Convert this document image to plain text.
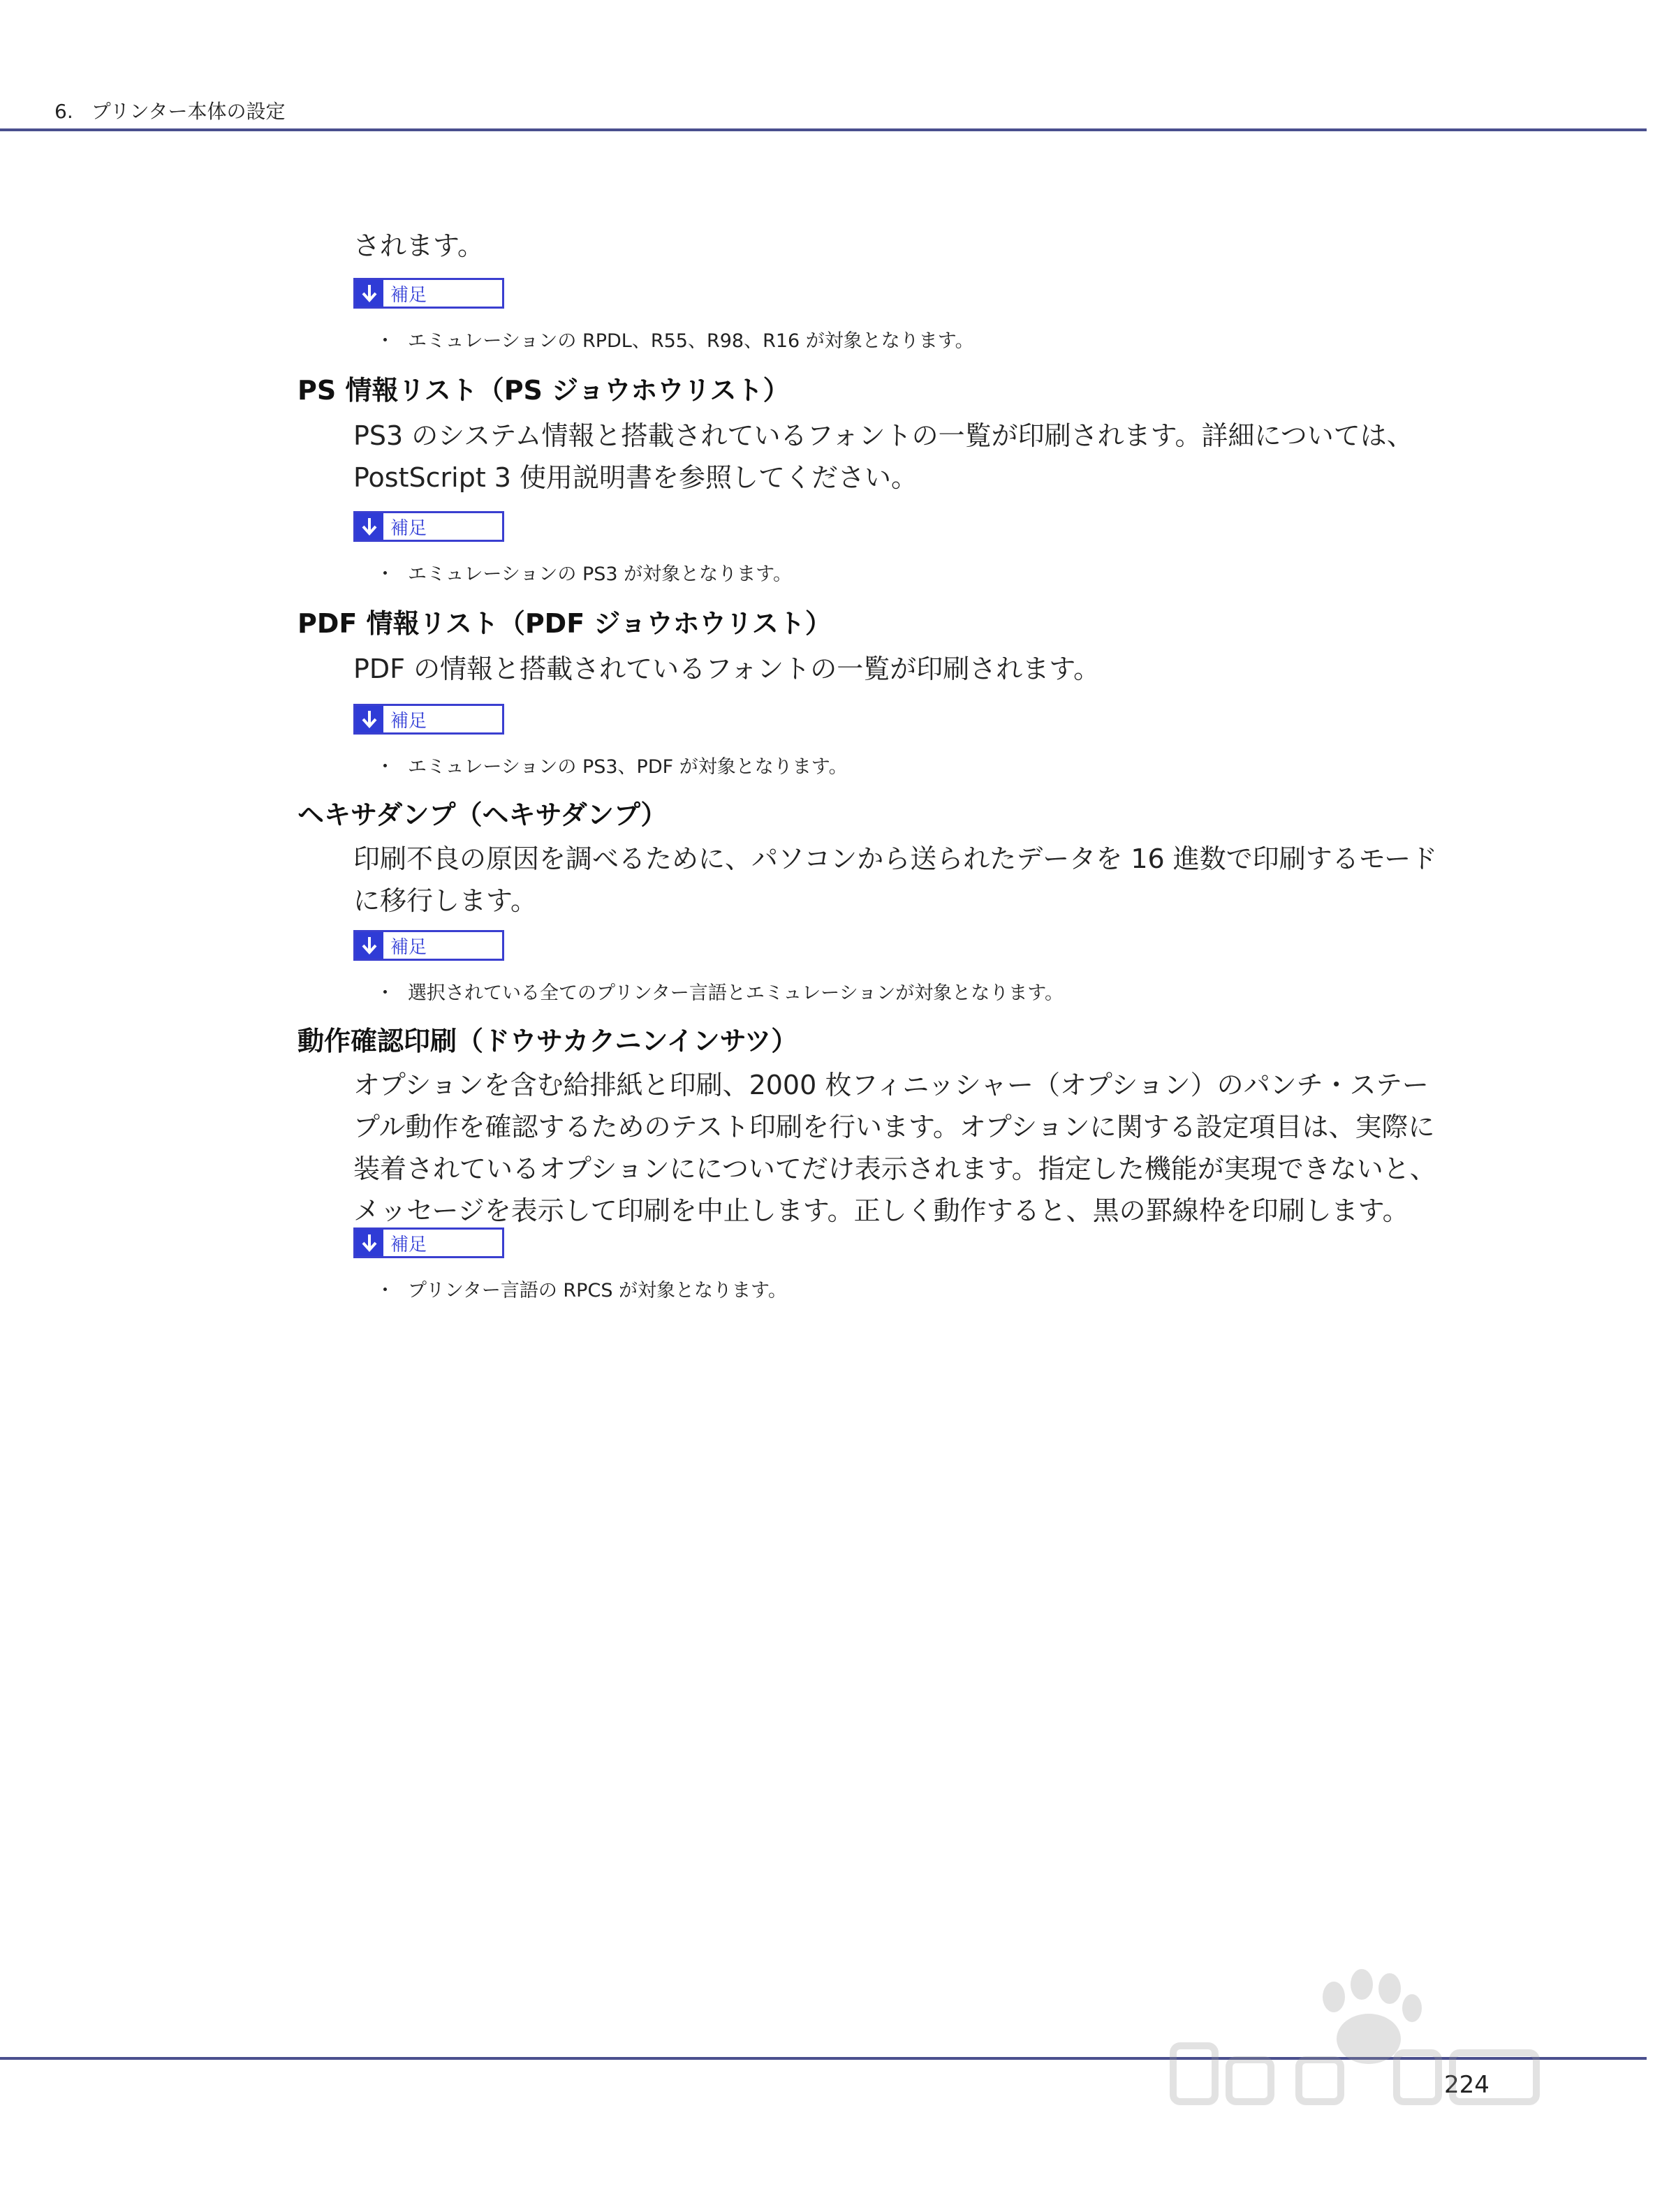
6. プリンター本体の設定
されます。
補足
・ エミュレーションの RPDL、R55、R98、R16 が対象となります。
PS 情報リスト（PS ジョウホウリスト）
PS3 のシステム情報と搭載されているフォントの一覧が印刷されます。詳細については、
PostScript 3 使用説明書を参照してください。
補足
・ エミュレーションの PS3 が対象となります。
PDF 情報リスト（PDF ジョウホウリスト）
PDF の情報と搭載されているフォントの一覧が印刷されます。
補足
・ エミュレーションの PS3、PDF が対象となります。
ヘキサダンプ（ヘキサダンプ）
印刷不良の原因を調べるために、パソコンから送られたデータを 16 進数で印刷するモード
に移行します。
補足
・ 選択されている全てのプリンター言語とエミュレーションが対象となります。
動作確認印刷（ドウサカクニンインサツ）
オプションを含む給排紙と印刷、2000 枚フィニッシャー（オプション）のパンチ・ステー
プル動作を確認するためのテスト印刷を行います。オプションに関する設定項目は、実際に
装着されているオプションにについてだけ表示されます。指定した機能が実現できないと、
メッセージを表示して印刷を中止します。正しく動作すると、黒の罫線枠を印刷します。
補足
・ プリンター言語の RPCS が対象となります。
224
